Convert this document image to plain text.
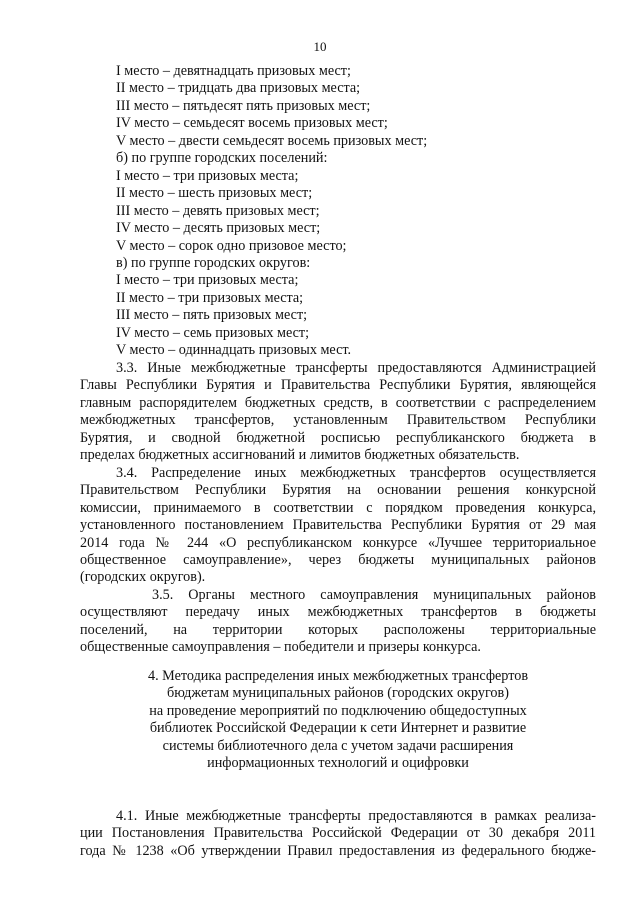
10
I место – девятнадцать призовых мест;
II место – тридцать два призовых места;
III место – пятьдесят пять призовых мест;
IV место – семьдесят восемь призовых мест;
V место – двести семьдесят восемь призовых мест;
б) по группе городских поселений:
I место – три призовых места;
II место – шесть призовых мест;
III место – девять призовых мест;
IV место – десять призовых мест;
V место – сорок одно призовое место;
в) по группе городских округов:
I место – три призовых места;
II место – три призовых места;
III место – пять призовых мест;
IV место – семь призовых мест;
V место – одиннадцать призовых мест.
3.3. Иные межбюджетные трансферты предоставляются Администрацией
Главы Республики Бурятия и Правительства Республики Бурятия, являющейся
главным распорядителем бюджетных средств, в соответствии с распределением
межбюджетных трансфертов, установленным Правительством Республики
Бурятия, и сводной бюджетной росписью республиканского бюджета в
пределах бюджетных ассигнований и лимитов бюджетных обязательств.
3.4. Распределение иных межбюджетных трансфертов осуществляется
Правительством Республики Бурятия на основании решения конкурсной
комиссии, принимаемого в соответствии с порядком проведения конкурса,
установленного постановлением Правительства Республики Бурятия от 29 мая
2014 года № 244 «О республиканском конкурсе «Лучшее территориальное
общественное самоуправление», через бюджеты муниципальных районов
(городских округов).
3.5. Органы местного самоуправления муниципальных районов
осуществляют передачу иных межбюджетных трансфертов в бюджеты
поселений, на территории которых расположены территориальные
общественные самоуправления – победители и призеры конкурса.
4. Методика распределения иных межбюджетных трансфертов
бюджетам муниципальных районов (городских округов)
на проведение мероприятий по подключению общедоступных
библиотек Российской Федерации к сети Интернет и развитие
системы библиотечного дела с учетом задачи расширения
информационных технологий и оцифровки
4.1. Иные межбюджетные трансферты предоставляются в рамках реализа-
ции Постановления Правительства Российской Федерации от 30 декабря 2011
года № 1238 «Об утверждении Правил предоставления из федерального бюдже-
